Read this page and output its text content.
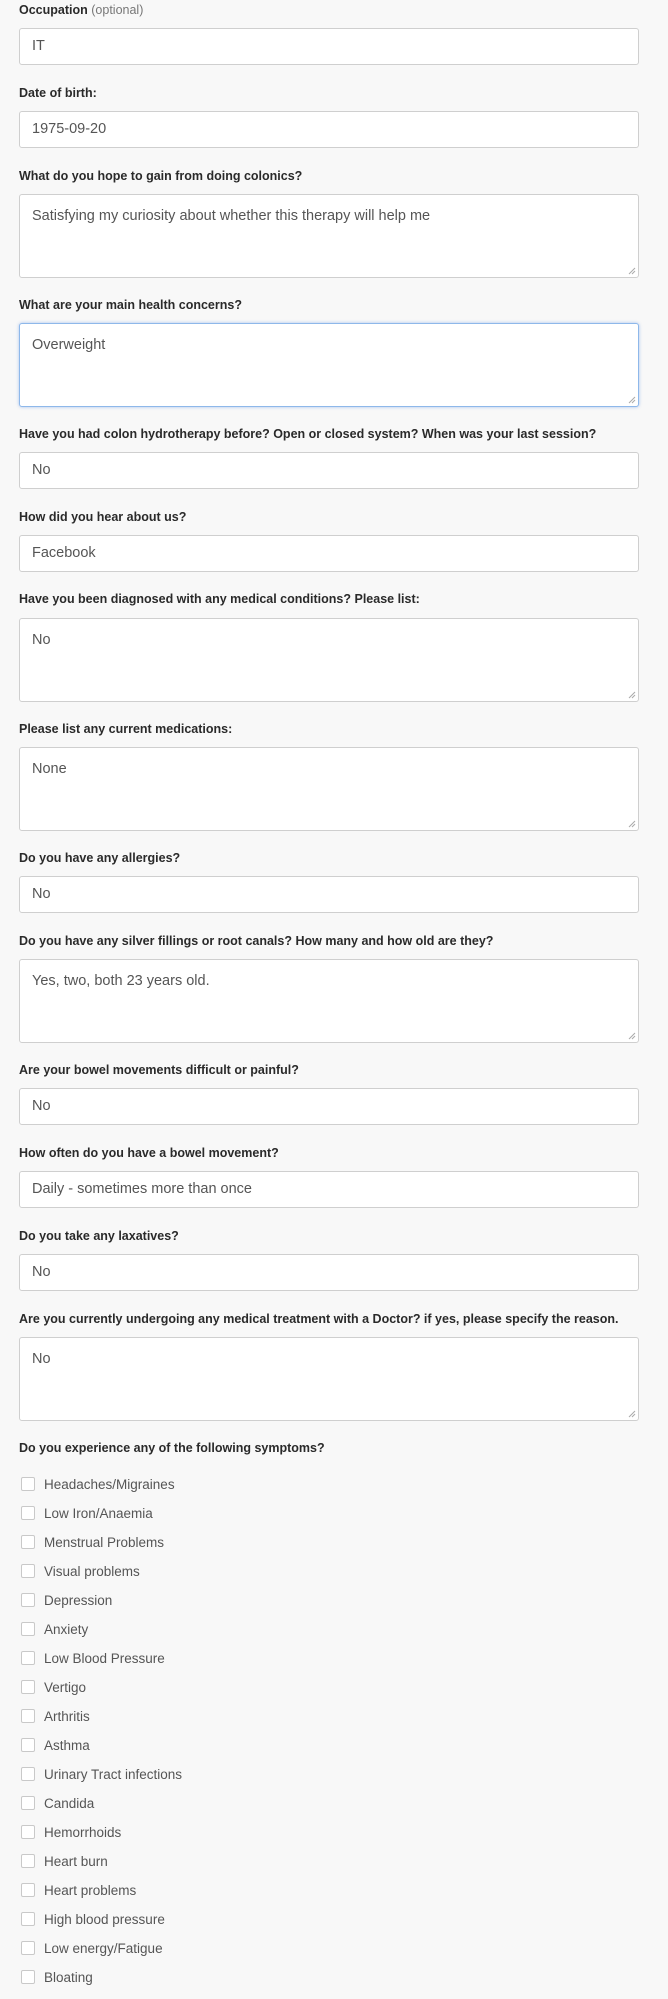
Occupation (optional)
IT
Date of birth:
1975-09-20
What do you hope to gain from doing colonics?
Satisfying my curiosity about whether this therapy will help me
What are your main health concerns?
Overweight
Have you had colon hydrotherapy before? Open or closed system? When was your last session?
No
How did you hear about us?
Facebook
Have you been diagnosed with any medical conditions? Please list:
No
Please list any current medications:
None
Do you have any allergies?
No
Do you have any silver fillings or root canals? How many and how old are they?
Yes, two, both 23 years old.
Are your bowel movements difficult or painful?
No
How often do you have a bowel movement?
Daily - sometimes more than once
Do you take any laxatives?
No
Are you currently undergoing any medical treatment with a Doctor? if yes, please specify the reason.
No
Do you experience any of the following symptoms?
Headaches/Migraines
Low Iron/Anaemia
Menstrual Problems
Visual problems
Depression
Anxiety
Low Blood Pressure
Vertigo
Arthritis
Asthma
Urinary Tract infections
Candida
Hemorrhoids
Heart burn
Heart problems
High blood pressure
Low energy/Fatigue
Bloating
